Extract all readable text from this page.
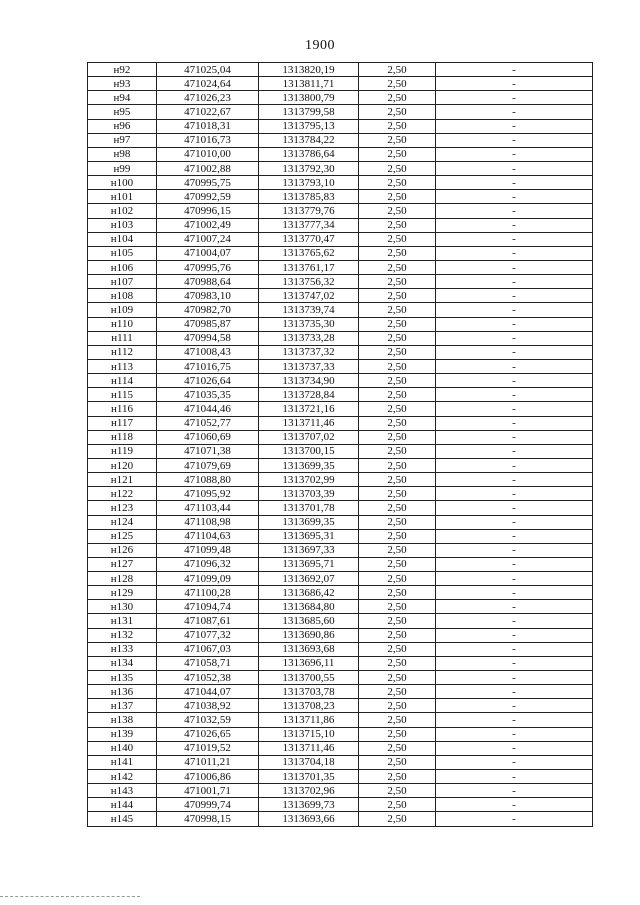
1900
н92	471025,04	1313820,19	2,50	-
н93	471024,64	1313811,71	2,50	-
н94	471026,23	1313800,79	2,50	-
н95	471022,67	1313799,58	2,50	-
н96	471018,31	1313795,13	2,50	-
н97	471016,73	1313784,22	2,50	-
н98	471010,00	1313786,64	2,50	-
н99	471002,88	1313792,30	2,50	-
н100	470995,75	1313793,10	2,50	-
н101	470992,59	1313785,83	2,50	-
н102	470996,15	1313779,76	2,50	-
н103	471002,49	1313777,34	2,50	-
н104	471007,24	1313770,47	2,50	-
н105	471004,07	1313765,62	2,50	-
н106	470995,76	1313761,17	2,50	-
н107	470988,64	1313756,32	2,50	-
н108	470983,10	1313747,02	2,50	-
н109	470982,70	1313739,74	2,50	-
н110	470985,87	1313735,30	2,50	-
н111	470994,58	1313733,28	2,50	-
н112	471008,43	1313737,32	2,50	-
н113	471016,75	1313737,33	2,50	-
н114	471026,64	1313734,90	2,50	-
н115	471035,35	1313728,84	2,50	-
н116	471044,46	1313721,16	2,50	-
н117	471052,77	1313711,46	2,50	-
н118	471060,69	1313707,02	2,50	-
н119	471071,38	1313700,15	2,50	-
н120	471079,69	1313699,35	2,50	-
н121	471088,80	1313702,99	2,50	-
н122	471095,92	1313703,39	2,50	-
н123	471103,44	1313701,78	2,50	-
н124	471108,98	1313699,35	2,50	-
н125	471104,63	1313695,31	2,50	-
н126	471099,48	1313697,33	2,50	-
н127	471096,32	1313695,71	2,50	-
н128	471099,09	1313692,07	2,50	-
н129	471100,28	1313686,42	2,50	-
н130	471094,74	1313684,80	2,50	-
н131	471087,61	1313685,60	2,50	-
н132	471077,32	1313690,86	2,50	-
н133	471067,03	1313693,68	2,50	-
н134	471058,71	1313696,11	2,50	-
н135	471052,38	1313700,55	2,50	-
н136	471044,07	1313703,78	2,50	-
н137	471038,92	1313708,23	2,50	-
н138	471032,59	1313711,86	2,50	-
н139	471026,65	1313715,10	2,50	-
н140	471019,52	1313711,46	2,50	-
н141	471011,21	1313704,18	2,50	-
н142	471006,86	1313701,35	2,50	-
н143	471001,71	1313702,96	2,50	-
н144	470999,74	1313699,73	2,50	-
н145	470998,15	1313693,66	2,50	-
